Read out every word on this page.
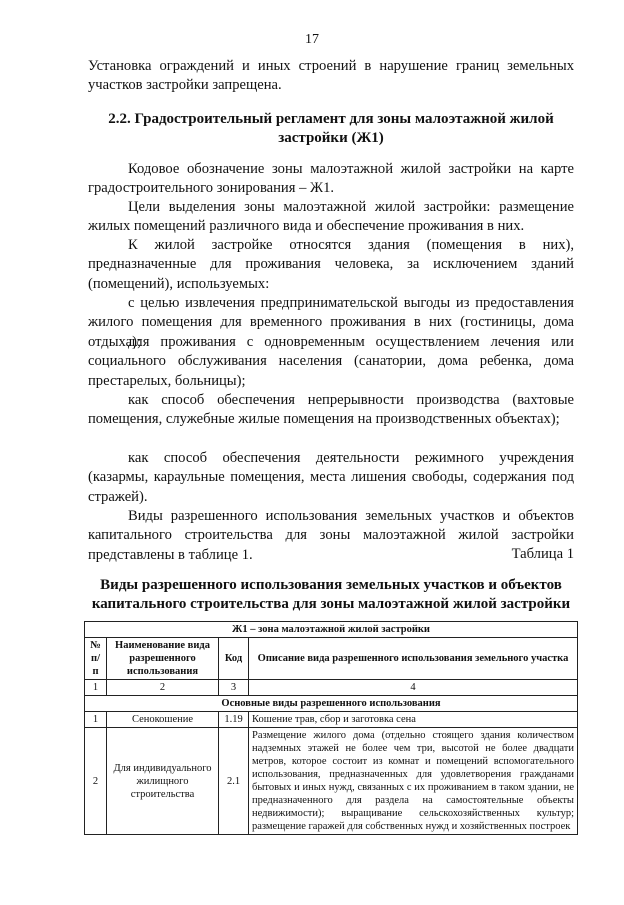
17
Установка ограждений и иных строений в нарушение границ земельных участков застройки запрещена.
2.2. Градостроительный регламент для зоны малоэтажной жилой застройки (Ж1)
Кодовое обозначение зоны малоэтажной жилой застройки на карте градостроительного зонирования – Ж1.
Цели выделения зоны малоэтажной жилой застройки: размещение жилых помещений различного вида и обеспечение проживания в них.
К жилой застройке относятся здания (помещения в них), предназначенные для проживания человека, за исключением зданий (помещений), используемых:
с целью извлечения предпринимательской выгоды из предоставления жилого помещения для временного проживания в них (гостиницы, дома отдыха);
для проживания с одновременным осуществлением лечения или социального обслуживания населения (санатории, дома ребенка, дома престарелых, больницы);
как способ обеспечения непрерывности производства (вахтовые помещения, служебные жилые помещения на производственных объектах);
как способ обеспечения деятельности режимного учреждения (казармы, караульные помещения, места лишения свободы, содержания под стражей).
Виды разрешенного использования земельных участков и объектов капитального строительства для зоны малоэтажной жилой застройки представлены в таблице 1.	Таблица 1
Виды разрешенного использования земельных участков и объектов капитального строительства для зоны малоэтажной жилой застройки
Ж1 – зона малоэтажной жилой застройки			
№ п/п	Наименование вида разрешенного использования	Код	Описание вида разрешенного использования земельного участка
1	2	3	4
Основные виды разрешенного использования			
1	Сенокошение	1.19	Кошение трав, сбор и заготовка сена
2	Для индивидуального жилищного строительства	2.1	Размещение жилого дома (отдельно стоящего здания количеством надземных этажей не более чем три, высотой не более двадцати метров, которое состоит из комнат и помещений вспомогательного использования, предназначенных для удовлетворения гражданами бытовых и иных нужд, связанных с их проживанием в таком здании, не предназначенного для раздела на самостоятельные объекты недвижимости); выращивание сельскохозяйственных культур; размещение гаражей для собственных нужд и хозяйственных построек
